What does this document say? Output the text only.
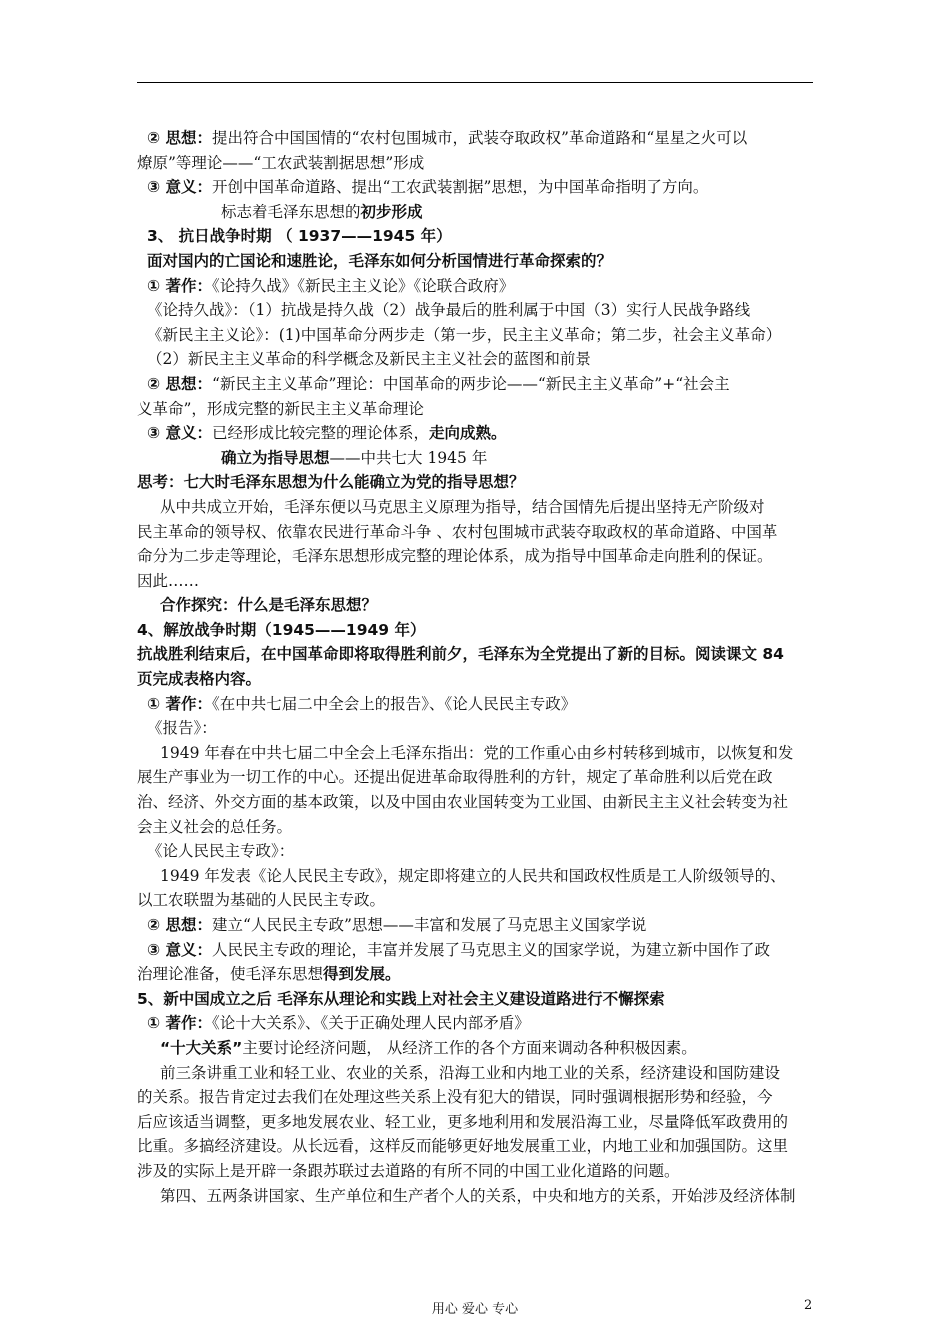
② 思想：提出符合中国国情的“农村包围城市，武装夺取政权”革命道路和“星星之火可以
燎原”等理论——“工农武装割据思想”形成
③ 意义：开创中国革命道路、提出“工农武装割据”思想，为中国革命指明了方向。
标志着毛泽东思想的初步形成
3、 抗日战争时期 （ 1937——1945 年）
面对国内的亡国论和速胜论，毛泽东如何分析国情进行革命探索的？
① 著作：《论持久战》《新民主主义论》《论联合政府》
《论持久战》：（1）抗战是持久战（2）战争最后的胜利属于中国（3）实行人民战争路线
《新民主主义论》：(1)中国革命分两步走（第一步，民主主义革命；第二步，社会主义革命）
（2）新民主主义革命的科学概念及新民主主义社会的蓝图和前景
② 思想：“新民主主义革命”理论：中国革命的两步论——“新民主主义革命”+“社会主
义革命”，形成完整的新民主主义革命理论
③ 意义：已经形成比较完整的理论体系，走向成熟。
确立为指导思想——中共七大 1945 年
思考：七大时毛泽东思想为什么能确立为党的指导思想？
从中共成立开始，毛泽东便以马克思主义原理为指导，结合国情先后提出坚持无产阶级对
民主革命的领导权、依靠农民进行革命斗争 、农村包围城市武装夺取政权的革命道路、中国革
命分为二步走等理论，毛泽东思想形成完整的理论体系，成为指导中国革命走向胜利的保证。
因此……
合作探究：什么是毛泽东思想？
4、解放战争时期（1945——1949 年）
抗战胜利结束后，在中国革命即将取得胜利前夕，毛泽东为全党提出了新的目标。阅读课文 84
页完成表格内容。
① 著作：《在中共七届二中全会上的报告》、《论人民民主专政》
《报告》：
1949 年春在中共七届二中全会上毛泽东指出：党的工作重心由乡村转移到城市，以恢复和发
展生产事业为一切工作的中心。还提出促进革命取得胜利的方针，规定了革命胜利以后党在政
治、经济、外交方面的基本政策，以及中国由农业国转变为工业国、由新民主主义社会转变为社
会主义社会的总任务。
《论人民民主专政》：
1949 年发表《论人民民主专政》，规定即将建立的人民共和国政权性质是工人阶级领导的、
以工农联盟为基础的人民民主专政。
② 思想：建立“人民民主专政”思想——丰富和发展了马克思主义国家学说
③ 意义：人民民主专政的理论，丰富并发展了马克思主义的国家学说，为建立新中国作了政
治理论准备，使毛泽东思想得到发展。
5、新中国成立之后 毛泽东从理论和实践上对社会主义建设道路进行不懈探索
① 著作：《论十大关系》、《关于正确处理人民内部矛盾》
“十大关系”主要讨论经济问题， 从经济工作的各个方面来调动各种积极因素。
前三条讲重工业和轻工业、农业的关系，沿海工业和内地工业的关系，经济建设和国防建设
的关系。报告肯定过去我们在处理这些关系上没有犯大的错误，同时强调根据形势和经验，今
后应该适当调整，更多地发展农业、轻工业，更多地利用和发展沿海工业，尽量降低军政费用的
比重。多搞经济建设。从长远看，这样反而能够更好地发展重工业，内地工业和加强国防。这里
涉及的实际上是开辟一条跟苏联过去道路的有所不同的中国工业化道路的问题。
第四、五两条讲国家、生产单位和生产者个人的关系，中央和地方的关系，开始涉及经济体制
用心 爱心 专心	2
